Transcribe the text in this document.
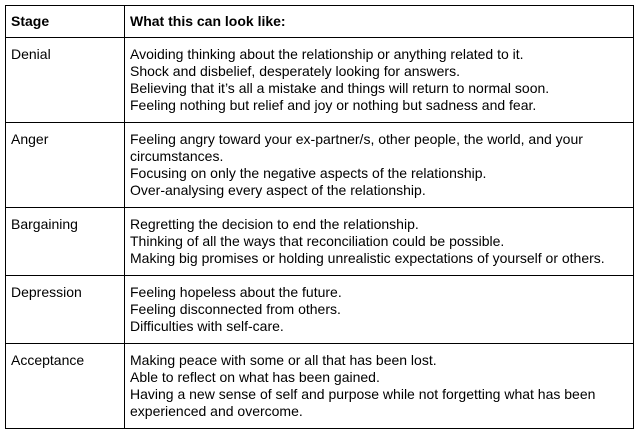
Stage	What this can look like:
Denial	Avoiding thinking about the relationship or anything related to it.
Shock and disbelief, desperately looking for answers.
Believing that it’s all a mistake and things will return to normal soon.
Feeling nothing but relief and joy or nothing but sadness and fear.

Anger	Feeling angry toward your ex-partner/s, other people, the world, and your circumstances.
Focusing on only the negative aspects of the relationship.
Over-analysing every aspect of the relationship.

Bargaining	Regretting the decision to end the relationship.
Thinking of all the ways that reconciliation could be possible.
Making big promises or holding unrealistic expectations of yourself or others.

Depression	Feeling hopeless about the future.
Feeling disconnected from others.
Difficulties with self-care.

Acceptance	Making peace with some or all that has been lost.
Able to reflect on what has been gained.
Having a new sense of self and purpose while not forgetting what has been experienced and overcome.
